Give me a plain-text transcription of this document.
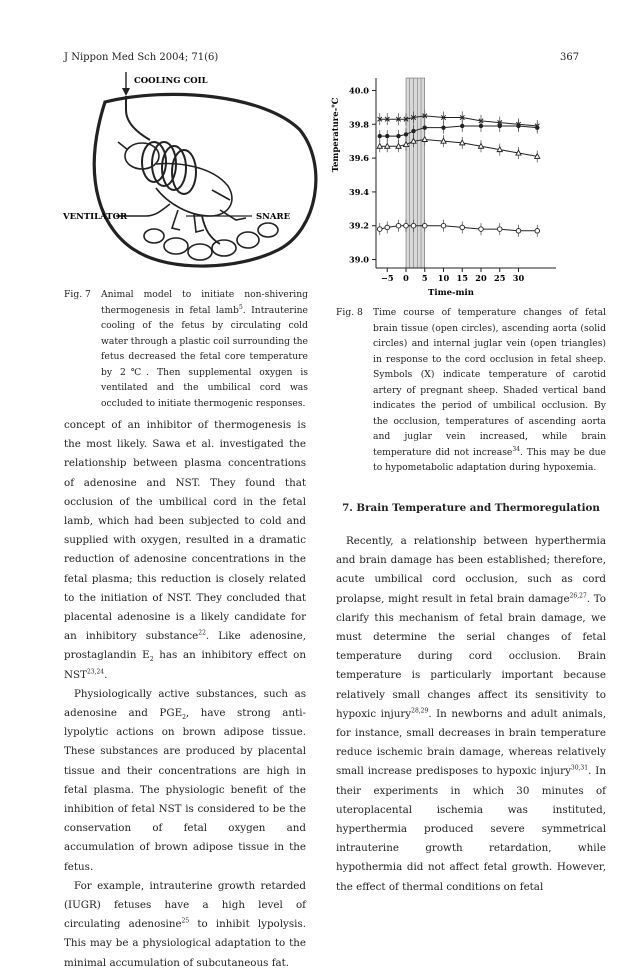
J Nippon Med Sch 2004; 71(6)	367
COOLING COIL
VENTILATOR	SNARE
Fig. 7 Animal model to initiate non-shivering thermogenesis in fetal lamb$^5$. Intrauterine cooling of the fetus by circulating cold water through a plastic coil surrounding the fetus decreased the fetal core temperature by 2℃. Then supplemental oxygen is ventilated and the umbilical cord was occluded to initiate thermogenic responses.
40.0
39.8
39.6
39.4
39.2
39.0
−5 0 5 10 15 20 25 30
Temperature-℃
Time-min
Fig. 8 Time course of temperature changes of fetal brain tissue (open circles), ascending aorta (solid circles) and internal juglar vein (open triangles) in response to the cord occlusion in fetal sheep. Symbols (X) indicate temperature of carotid artery of pregnant sheep. Shaded vertical band indicates the period of umbilical occlusion. By the occlusion, temperatures of ascending aorta and juglar vein increased, while brain temperature did not increase$^{34}$. This may be due to hypometabolic adaptation during hypoxemia.

concept of an inhibitor of thermogenesis is the most likely. Sawa et al. investigated the relationship between plasma concentrations of adenosine and NST. They found that occlusion of the umbilical cord in the fetal lamb, which had been subjected to cold and supplied with oxygen, resulted in a dramatic reduction of adenosine concentrations in the fetal plasma; this reduction is closely related to the initiation of NST. They concluded that placental adenosine is a likely candidate for an inhibitory substance$^{22}$. Like adenosine, prostaglandin $E_2$ has an inhibitory effect on NST$^{23,24}$.

Physiologically active substances, such as adenosine and $PGE_2$, have strong anti-lypolytic actions on brown adipose tissue. These substances are produced by placental tissue and their concentrations are high in fetal plasma. The physiologic benefit of the inhibition of fetal NST is considered to be the conservation of fetal oxygen and accumulation of brown adipose tissue in the fetus.

For example, intrauterine growth retarded (IUGR) fetuses have a high level of circulating adenosine$^{25}$ to inhibit lypolysis. This may be a physiological adaptation to the minimal accumulation of subcutaneous fat.

7. Brain Temperature and Thermoregulation

Recently, a relationship between hyperthermia and brain damage has been established; therefore, acute umbilical cord occlusion, such as cord prolapse, might result in fetal brain damage$^{26,27}$. To clarify this mechanism of fetal brain damage, we must determine the serial changes of fetal temperature during cord occlusion. Brain temperature is particularly important because relatively small changes affect its sensitivity to hypoxic injury$^{28,29}$. In newborns and adult animals, for instance, small decreases in brain temperature reduce ischemic brain damage, whereas relatively small increase predisposes to hypoxic injury$^{30,31}$. In their experiments in which 30 minutes of uteroplacental ischemia was instituted, hyperthermia produced severe symmetrical intrauterine growth retardation, while hypothermia did not affect fetal growth. However, the effect of thermal conditions on fetal
